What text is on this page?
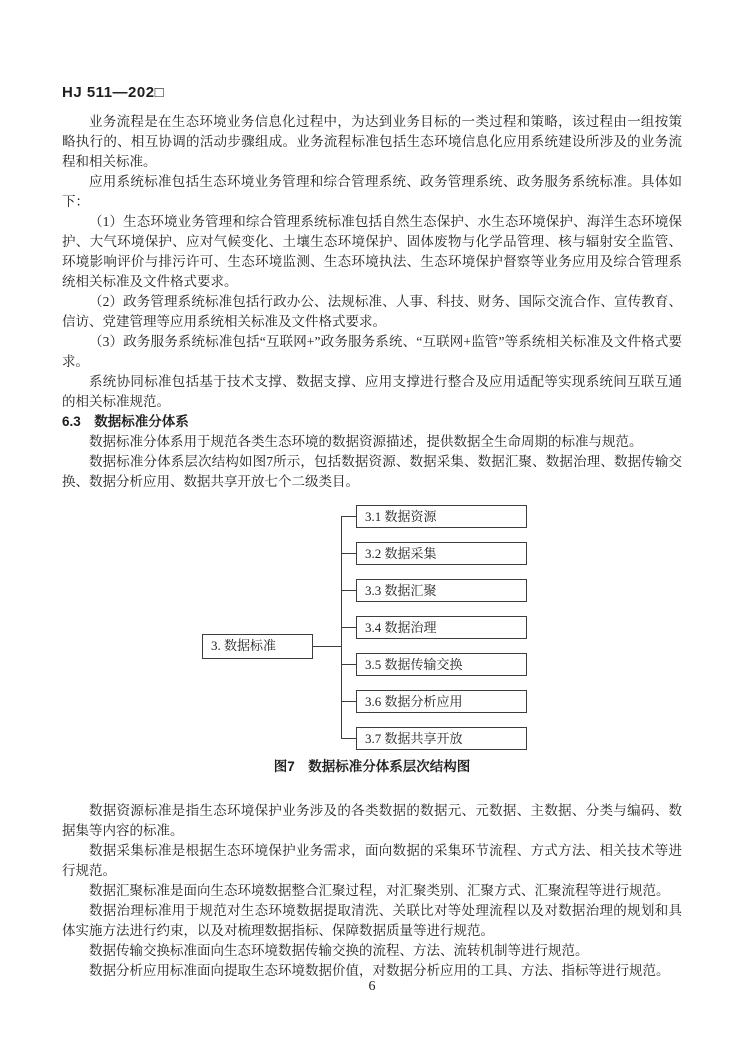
HJ 511—202□

业务流程是在生态环境业务信息化过程中，为达到业务目标的一类过程和策略，该过程由一组按策略执行的、相互协调的活动步骤组成。业务流程标准包括生态环境信息化应用系统建设所涉及的业务流程和相关标准。

应用系统标准包括生态环境业务管理和综合管理系统、政务管理系统、政务服务系统标准。具体如下：

（1）生态环境业务管理和综合管理系统标准包括自然生态保护、水生态环境保护、海洋生态环境保护、大气环境保护、应对气候变化、土壤生态环境保护、固体废物与化学品管理、核与辐射安全监管、环境影响评价与排污许可、生态环境监测、生态环境执法、生态环境保护督察等业务应用及综合管理系统相关标准及文件格式要求。

（2）政务管理系统标准包括行政办公、法规标准、人事、科技、财务、国际交流合作、宣传教育、信访、党建管理等应用系统相关标准及文件格式要求。

（3）政务服务系统标准包括“互联网+”政务服务系统、“互联网+监管”等系统相关标准及文件格式要求。

系统协同标准包括基于技术支撑、数据支撑、应用支撑进行整合及应用适配等实现系统间互联互通的相关标准规范。

6.3　数据标准分体系

数据标准分体系用于规范各类生态环境的数据资源描述，提供数据全生命周期的标准与规范。

数据标准分体系层次结构如图7所示，包括数据资源、数据采集、数据汇聚、数据治理、数据传输交换、数据分析应用、数据共享开放七个二级类目。

3. 数据标准
3.1 数据资源
3.2 数据采集
3.3 数据汇聚
3.4 数据治理
3.5 数据传输交换
3.6 数据分析应用
3.7 数据共享开放
图7　数据标准分体系层次结构图

数据资源标准是指生态环境保护业务涉及的各类数据的数据元、元数据、主数据、分类与编码、数据集等内容的标准。

数据采集标准是根据生态环境保护业务需求，面向数据的采集环节流程、方式方法、相关技术等进行规范。

数据汇聚标准是面向生态环境数据整合汇聚过程，对汇聚类别、汇聚方式、汇聚流程等进行规范。

数据治理标准用于规范对生态环境数据提取清洗、关联比对等处理流程以及对数据治理的规划和具体实施方法进行约束，以及对梳理数据指标、保障数据质量等进行规范。

数据传输交换标准面向生态环境数据传输交换的流程、方法、流转机制等进行规范。

数据分析应用标准面向提取生态环境数据价值，对数据分析应用的工具、方法、指标等进行规范。

6
